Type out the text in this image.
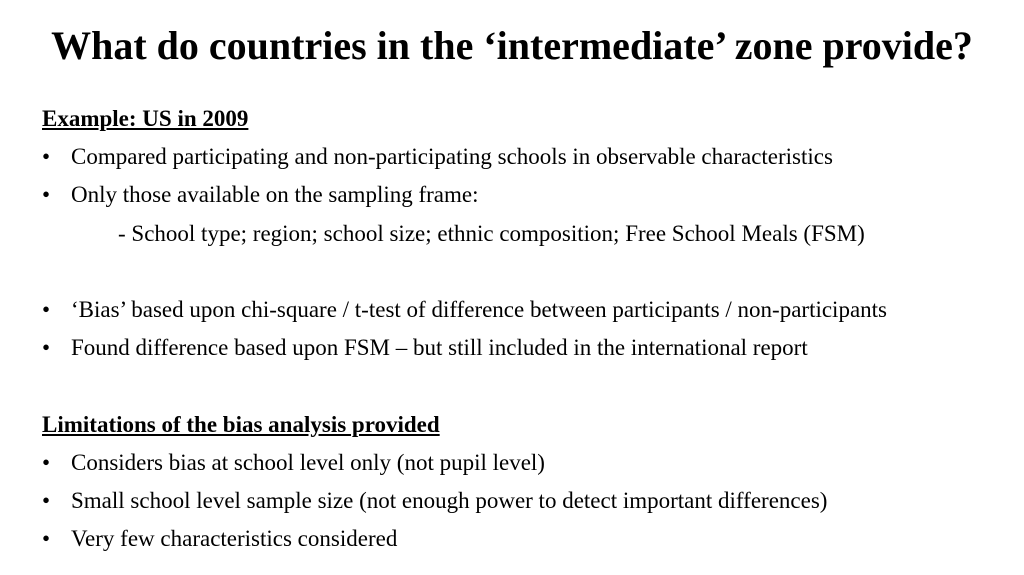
What do countries in the ‘intermediate’ zone provide?
Example: US in 2009
• Compared participating and non-participating schools in observable characteristics
• Only those available on the sampling frame:
- School type; region; school size; ethnic composition; Free School Meals (FSM)
• ‘Bias’ based upon chi-square / t-test of difference between participants / non-participants
• Found difference based upon FSM – but still included in the international report
Limitations of the bias analysis provided
• Considers bias at school level only (not pupil level)
• Small school level sample size (not enough power to detect important differences)
• Very few characteristics considered
